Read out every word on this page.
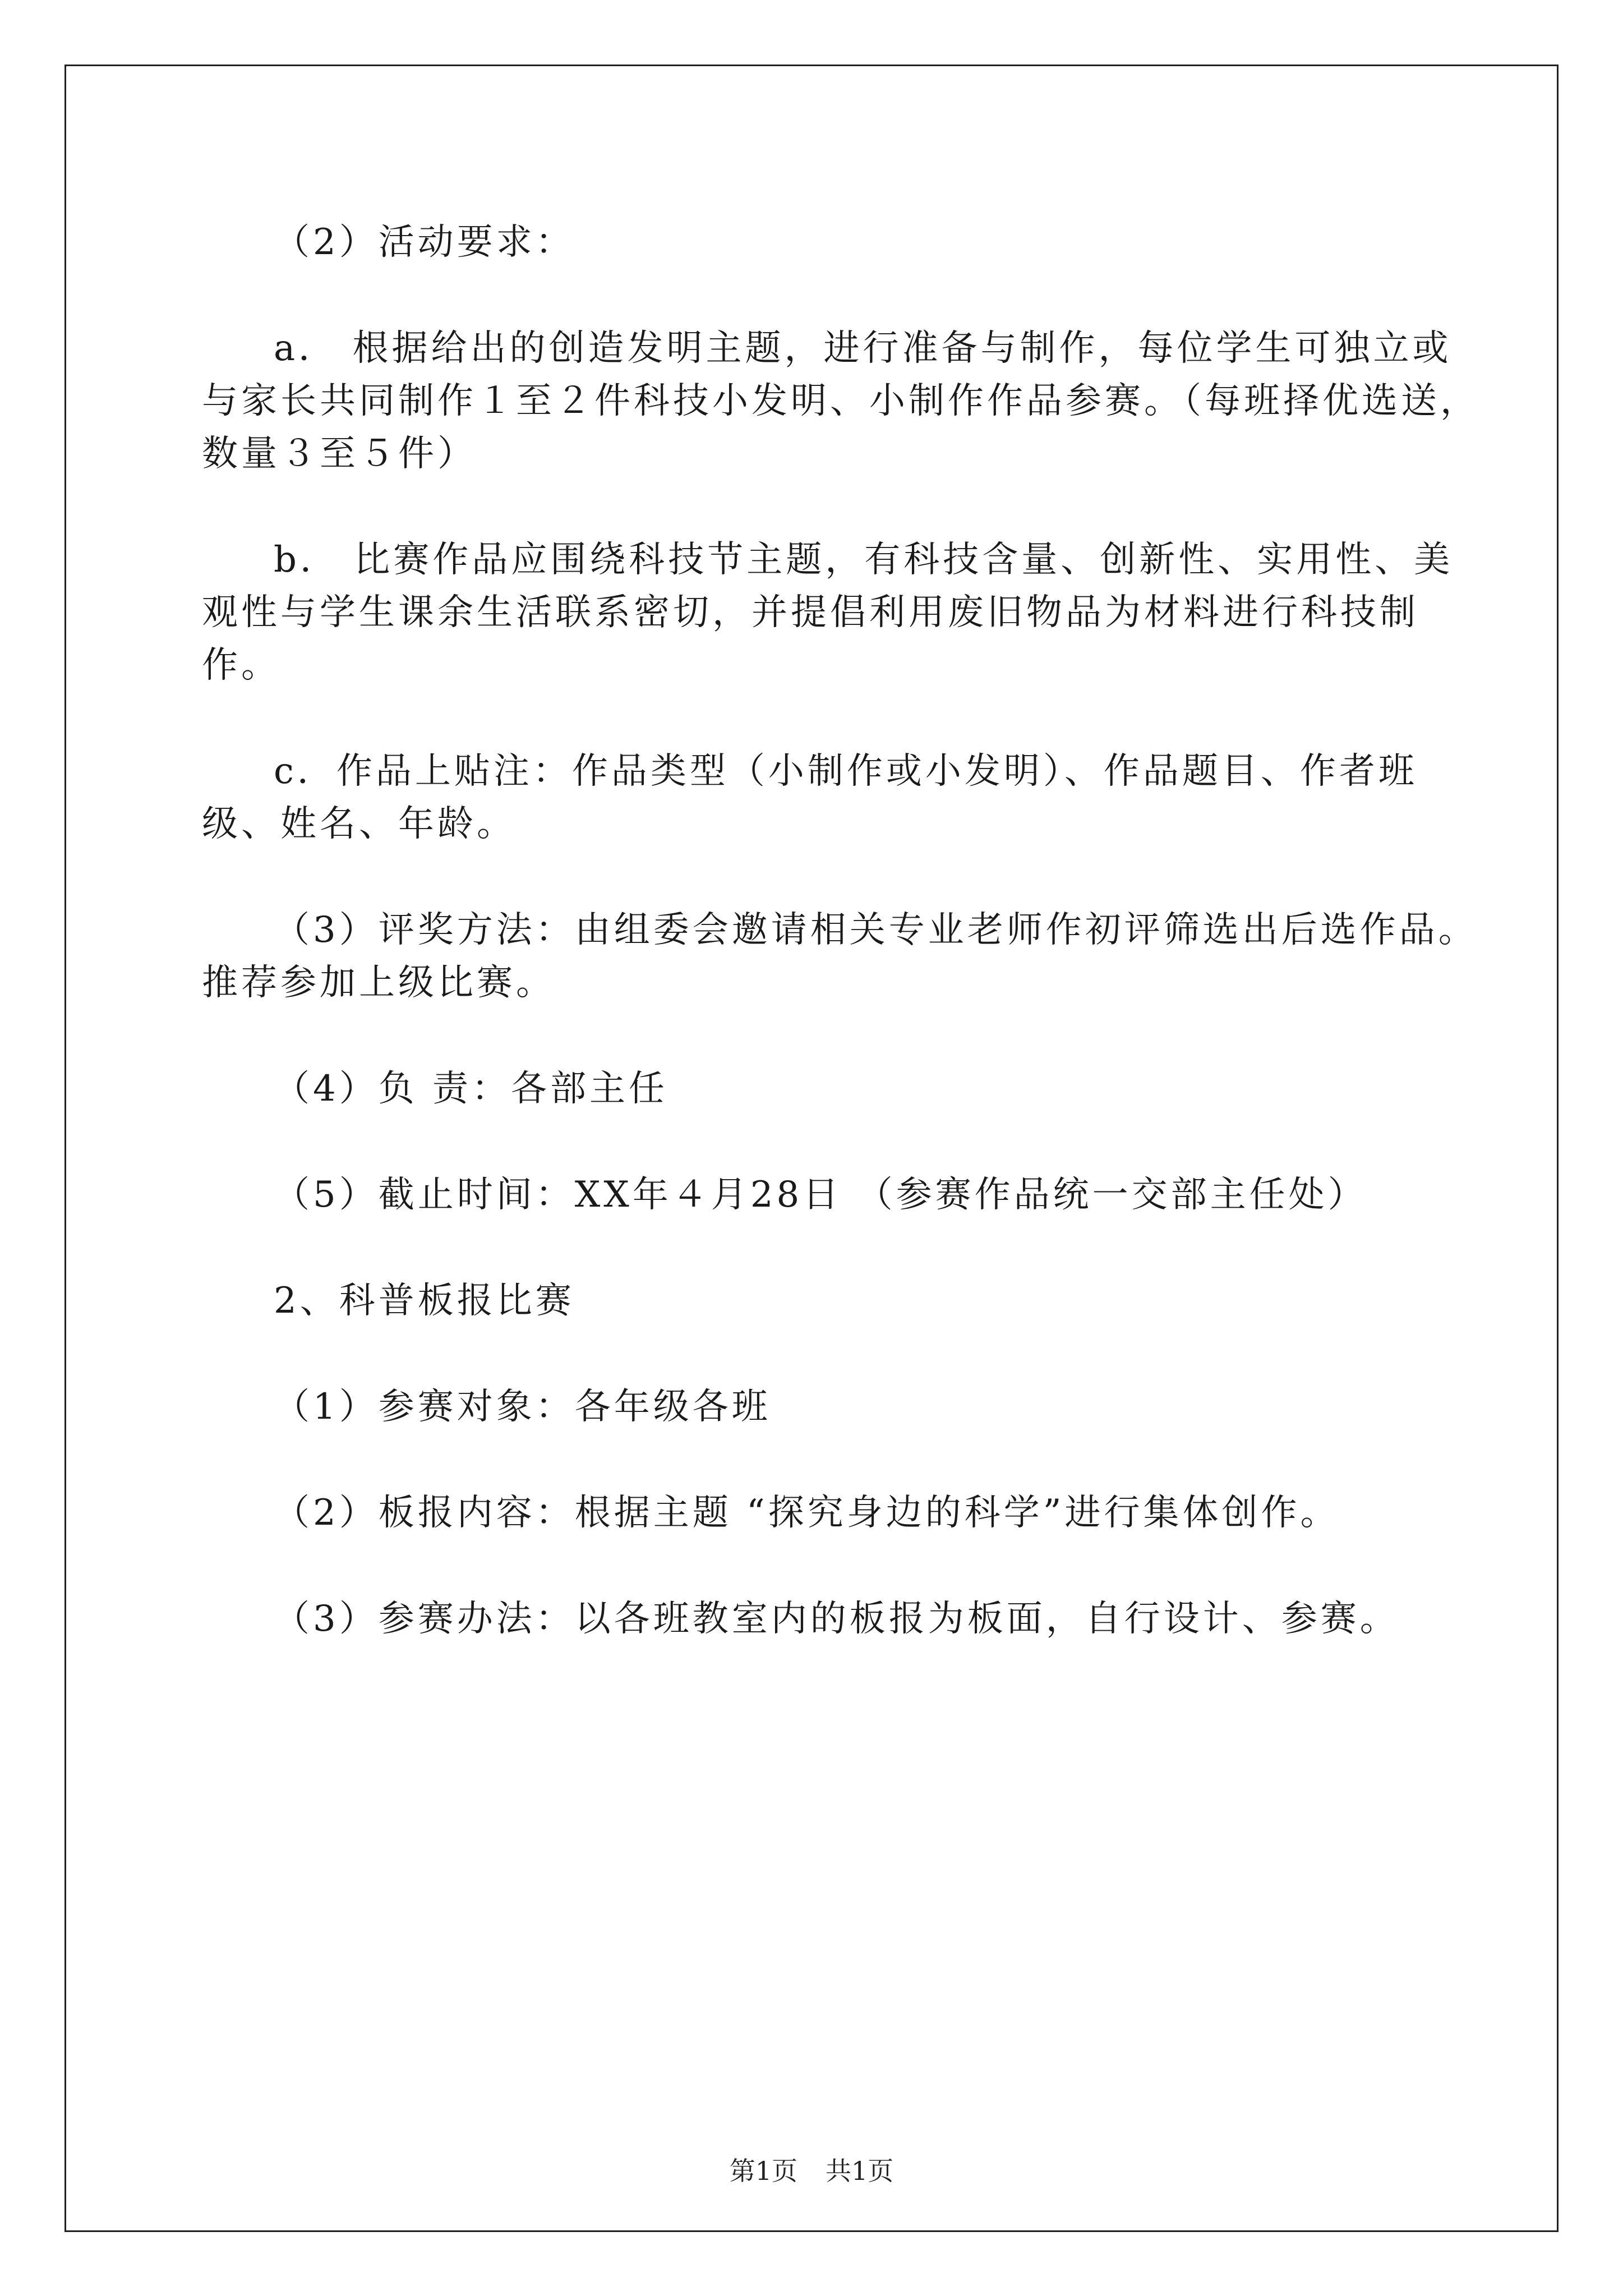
（2）活动要求：

a． 根据给出的创造发明主题，进行准备与制作，每位学生可独立或与家长共同制作１至２件科技小发明、小制作作品参赛。（每班择优选送，数量３至５件）

b． 比赛作品应围绕科技节主题，有科技含量、创新性、实用性、美观性与学生课余生活联系密切，并提倡利用废旧物品为材料进行科技制作。

c．作品上贴注：作品类型（小制作或小发明）、作品题目、作者班级、姓名、年龄。

（3）评奖方法：由组委会邀请相关专业老师作初评筛选出后选作品。推荐参加上级比赛。

（4）负 责：各部主任

（5）截止时间：XX年４月28日 （参赛作品统一交部主任处）

2、科普板报比赛

（1）参赛对象：各年级各班

（2）板报内容：根据主题 “探究身边的科学”进行集体创作。

（3）参赛办法：以各班教室内的板报为板面，自行设计、参赛。

第1页 共1页
